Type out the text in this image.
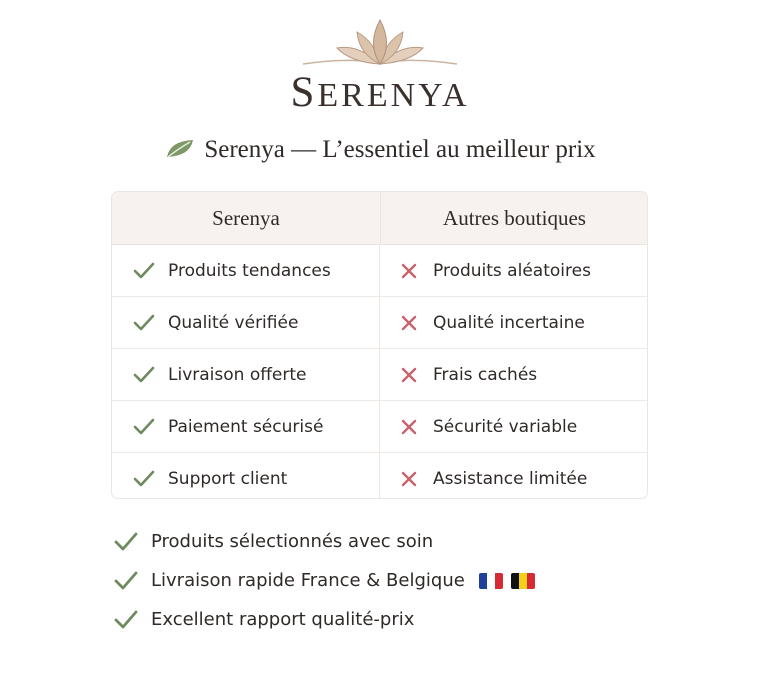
SERENYA
Serenya — L’essentiel au meilleur prix
Serenya	Autres boutiques
Produits tendances	Produits aléatoires
Qualité vérifiée	Qualité incertaine
Livraison offerte	Frais cachés
Paiement sécurisé	Sécurité variable
Support client	Assistance limitée
Produits sélectionnés avec soin
Livraison rapide France & Belgique
Excellent rapport qualité-prix
